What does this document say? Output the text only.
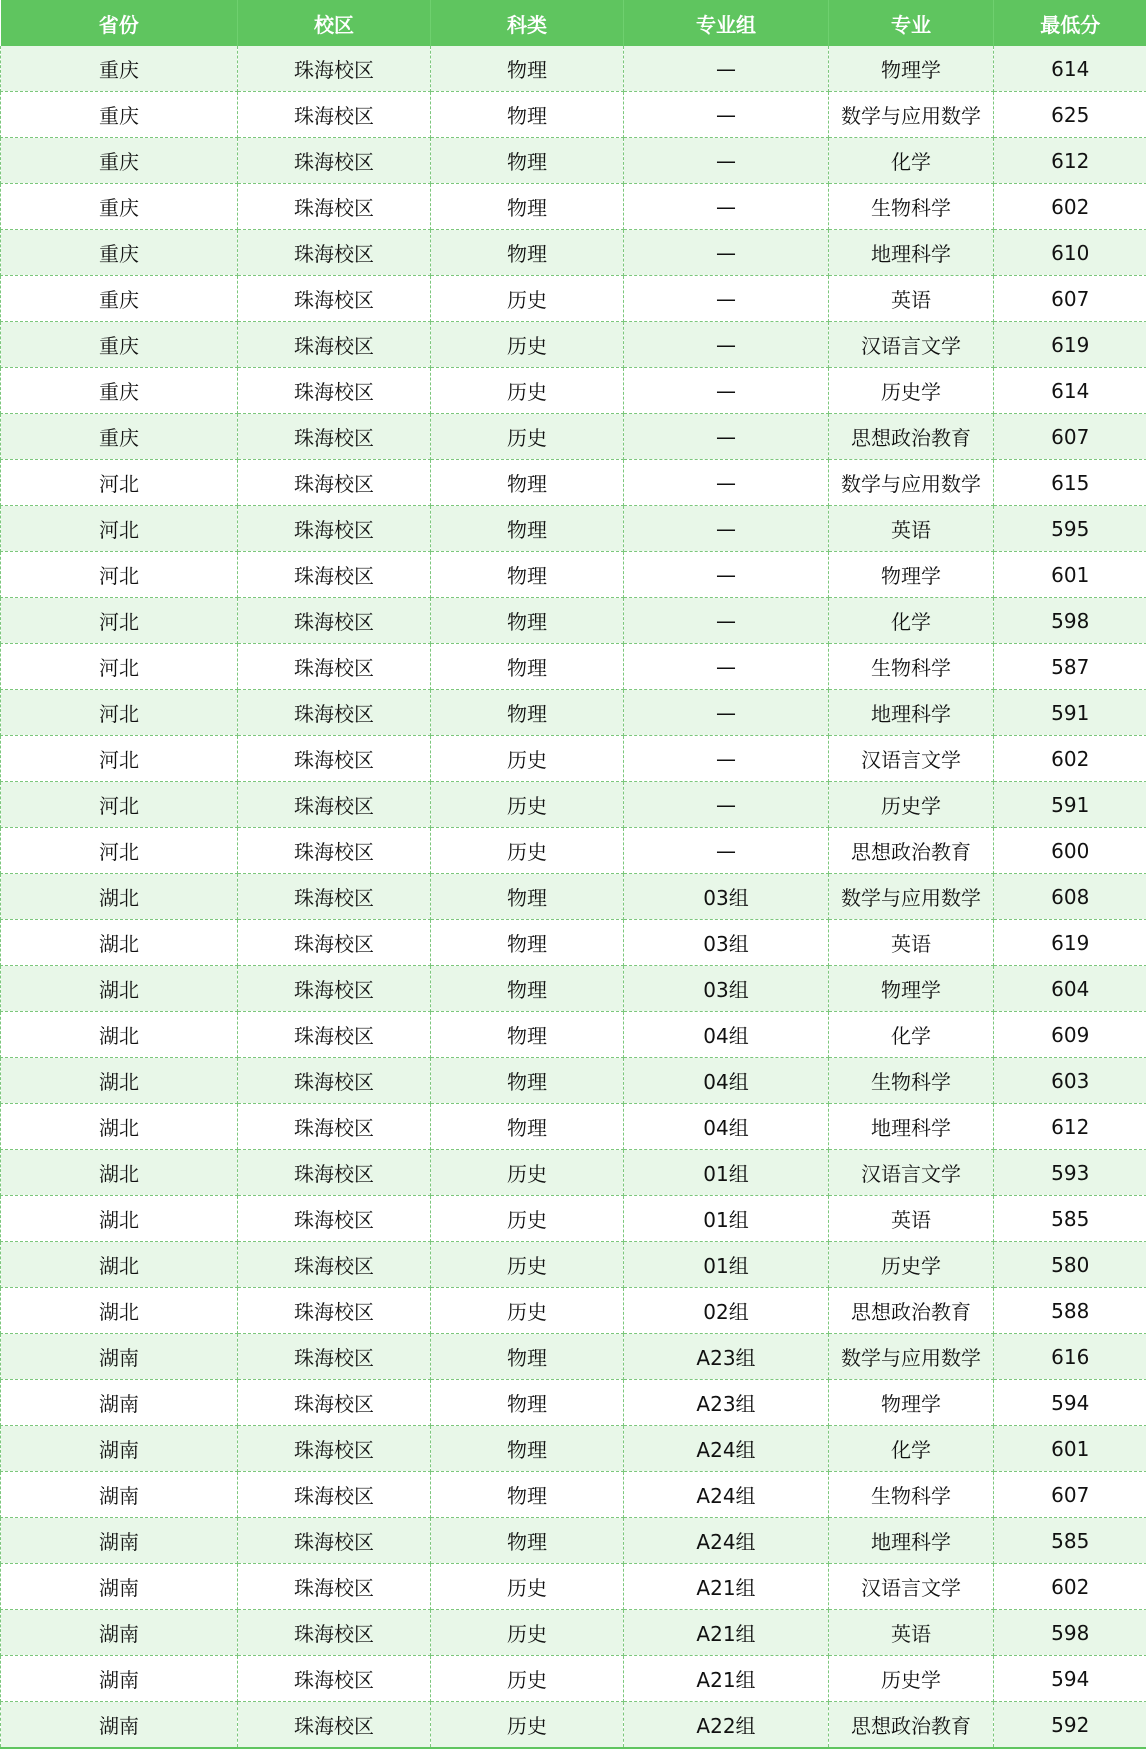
省份	校区	科类	专业组	专业	最低分
重庆	珠海校区	物理	—	物理学	614
重庆	珠海校区	物理	—	数学与应用数学	625
重庆	珠海校区	物理	—	化学	612
重庆	珠海校区	物理	—	生物科学	602
重庆	珠海校区	物理	—	地理科学	610
重庆	珠海校区	历史	—	英语	607
重庆	珠海校区	历史	—	汉语言文学	619
重庆	珠海校区	历史	—	历史学	614
重庆	珠海校区	历史	—	思想政治教育	607
河北	珠海校区	物理	—	数学与应用数学	615
河北	珠海校区	物理	—	英语	595
河北	珠海校区	物理	—	物理学	601
河北	珠海校区	物理	—	化学	598
河北	珠海校区	物理	—	生物科学	587
河北	珠海校区	物理	—	地理科学	591
河北	珠海校区	历史	—	汉语言文学	602
河北	珠海校区	历史	—	历史学	591
河北	珠海校区	历史	—	思想政治教育	600
湖北	珠海校区	物理	03组	数学与应用数学	608
湖北	珠海校区	物理	03组	英语	619
湖北	珠海校区	物理	03组	物理学	604
湖北	珠海校区	物理	04组	化学	609
湖北	珠海校区	物理	04组	生物科学	603
湖北	珠海校区	物理	04组	地理科学	612
湖北	珠海校区	历史	01组	汉语言文学	593
湖北	珠海校区	历史	01组	英语	585
湖北	珠海校区	历史	01组	历史学	580
湖北	珠海校区	历史	02组	思想政治教育	588
湖南	珠海校区	物理	A23组	数学与应用数学	616
湖南	珠海校区	物理	A23组	物理学	594
湖南	珠海校区	物理	A24组	化学	601
湖南	珠海校区	物理	A24组	生物科学	607
湖南	珠海校区	物理	A24组	地理科学	585
湖南	珠海校区	历史	A21组	汉语言文学	602
湖南	珠海校区	历史	A21组	英语	598
湖南	珠海校区	历史	A21组	历史学	594
湖南	珠海校区	历史	A22组	思想政治教育	592
